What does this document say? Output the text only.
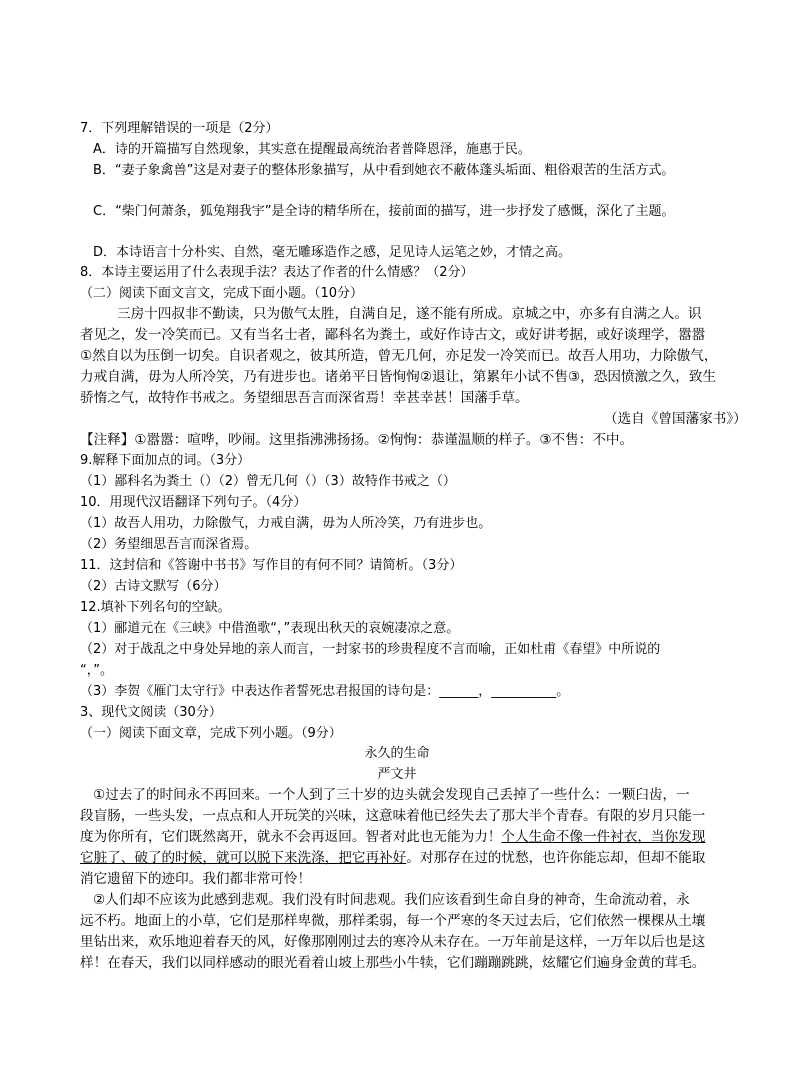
7．下列理解错误的一项是（2分）
A．诗的开篇描写自然现象，其实意在提醒最高统治者普降恩泽，施惠于民。
B．“妻子象禽兽”这是对妻子的整体形象描写，从中看到她衣不蔽体蓬头垢面、粗俗艰苦的生活方式。
C．“柴门何萧条，狐兔翔我宇”是全诗的精华所在，接前面的描写，进一步抒发了感慨，深化了主题。
D．本诗语言十分朴实、自然，毫无雕琢造作之感，足见诗人运笔之妙，才情之高。
8．本诗主要运用了什么表现手法？表达了作者的什么情感？（2分）
（二）阅读下面文言文，完成下面小题。（10分）
三房十四叔非不勤读，只为傲气太胜，自满自足，遂不能有所成。京城之中，亦多有自满之人。识
者见之，发一冷笑而已。又有当名士者，鄙科名为粪土，或好作诗古文，或好讲考据，或好谈理学，嚣嚣
①然自以为压倒一切矣。自识者观之，彼其所造，曾无几何，亦足发一冷笑而已。故吾人用功，力除傲气，
力戒自满，毋为人所冷笑，乃有进步也。诸弟平日皆恂恂②退让，第累年小试不售③，恐因愤激之久，致生
骄惰之气，故特作书戒之。务望细思吾言而深省焉！幸甚幸甚！国藩手草。
（选自《曾国藩家书》）
【注释】①嚣嚣：喧哗，吵闹。这里指沸沸扬扬。②恂恂：恭谨温顺的样子。③不售：不中。
9.解释下面加点的词。（3分）
（1）鄙科名为粪土（）（2）曾无几何（）（3）故特作书戒之（）
10．用现代汉语翻译下列句子。（4分）
（1）故吾人用功，力除傲气，力戒自满，毋为人所冷笑，乃有进步也。
（2）务望细思吾言而深省焉。
11．这封信和《答谢中书书》写作目的有何不同？请简析。（3分）
（2）古诗文默写（6分）
12.填补下列名句的空缺。
（1）郦道元在《三峡》中借渔歌“，”表现出秋天的哀婉凄凉之意。
（2）对于战乱之中身处异地的亲人而言，一封家书的珍贵程度不言而喻，正如杜甫《春望》中所说的
“，”。
（3）李贺《雁门太守行》中表达作者誓死忠君报国的诗句是：______，__________。
3、现代文阅读（30分）
（一）阅读下面文章，完成下列小题。（9分）
永久的生命
严文井
①过去了的时间永不再回来。一个人到了三十岁的边头就会发现自己丢掉了一些什么：一颗臼齿，一
段盲肠，一些头发，一点点和人开玩笑的兴味，这意味着他已经失去了那大半个青春。有限的岁月只能一
度为你所有，它们既然离开，就永不会再返回。智者对此也无能为力！个人生命不像一件衬衣，当你发现
它脏了、破了的时候，就可以脱下来洗涤，把它再补好。对那存在过的忧愁，也许你能忘却，但却不能取
消它遗留下的迹印。我们都非常可怜！
②人们却不应该为此感到悲观。我们没有时间悲观。我们应该看到生命自身的神奇，生命流动着，永
远不朽。地面上的小草，它们是那样卑微，那样柔弱，每一个严寒的冬天过去后，它们依然一棵棵从土壤
里钻出来，欢乐地迎着春天的风，好像那刚刚过去的寒冷从未存在。一万年前是这样，一万年以后也是这
样！在春天，我们以同样感动的眼光看着山坡上那些小牛犊，它们蹦蹦跳跳，炫耀它们遍身金黄的茸毛。
